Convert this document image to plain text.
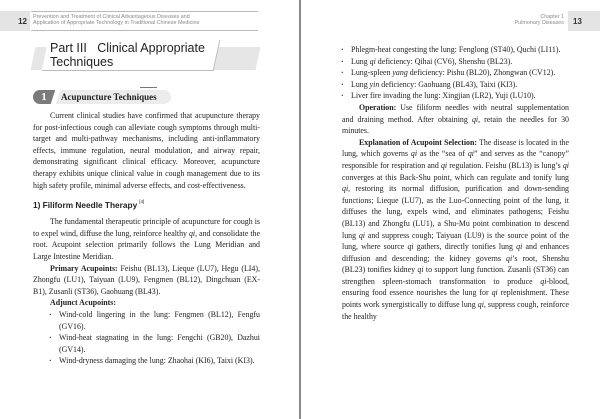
12	Prevention and Treatment of Clinical Advantageous Diseases and
Application of Appropriate Technology in Traditional Chinese Medicine
Part III   Clinical Appropriate
Techniques
1	Acupuncture Techniques

Current clinical studies have confirmed that acupuncture therapy for post-infectious cough can alleviate cough symptoms through multi-target and multi-pathway mechanisms, including anti-inflammatory effects, immune regulation, neural modulation, and airway repair, demonstrating significant clinical efficacy. Moreover, acupuncture therapy exhibits unique clinical value in cough management due to its high safety profile, minimal adverse effects, and cost-effectiveness.

1) Filiform Needle Therapy [4]

The fundamental therapeutic principle of acupuncture for cough is to expel wind, diffuse the lung, reinforce healthy qi, and consolidate the root. Acupoint selection primarily follows the Lung Meridian and Large Intestine Meridian.

Primary Acupoints: Feishu (BL13), Lieque (LU7), Hegu (LI4), Zhongfu (LU1), Taiyuan (LU9), Fengmen (BL12), Dingchuan (EX-B1), Zusanli (ST36), Gaohuang (BL43).

Adjunct Acupoints:

· Wind-cold lingering in the lung: Fengmen (BL12), Fengfu (GV16).
· Wind-heat stagnating in the lung: Fengchi (GB20), Dazhui (GV14).
· Wind-dryness damaging the lung: Zhaohai (KI6), Taixi (KI3).
Chapter 1
Pulmonary Diseases	13
· Phlegm-heat congesting the lung: Fenglong (ST40), Quchi (LI11).
· Lung qi deficiency: Qihai (CV6), Shenshu (BL23).
· Lung-spleen yang deficiency: Pishu (BL20), Zhongwan (CV12).
· Lung yin deficiency: Gaohuang (BL43), Taixi (KI3).
· Liver fire invading the lung: Xingjian (LR2), Yuji (LU10).

Operation: Use filiform needles with neutral supplementation and draining method. After obtaining qi, retain the needles for 30 minutes.

Explanation of Acupoint Selection: The disease is located in the lung, which governs qi as the “sea of qi” and serves as the “canopy” responsible for respiration and qi regulation. Feishu (BL13) is lung’s qi converges at this Back-Shu point, which can regulate and tonify lung qi, restoring its normal diffusion, purification and down-sending functions; Lieque (LU7), as the Luo-Connecting point of the lung, it diffuses the lung, expels wind, and eliminates pathogens; Feishu (BL13) and Zhongfu (LU1), a Shu-Mu point combination to descend lung qi and suppress cough; Taiyuan (LU9) is the source point of the lung, where source qi gathers, directly tonifies lung qi and enhances diffusion and descending; the kidney governs qi’s root, Shenshu (BL23) tonifies kidney qi to support lung function. Zusanli (ST36) can strengthen spleen-stomach transformation to produce qi-blood, ensuring food essence nourishes the lung for qi replenishment. These points work synergistically to diffuse lung qi, suppress cough, reinforce the healthy
